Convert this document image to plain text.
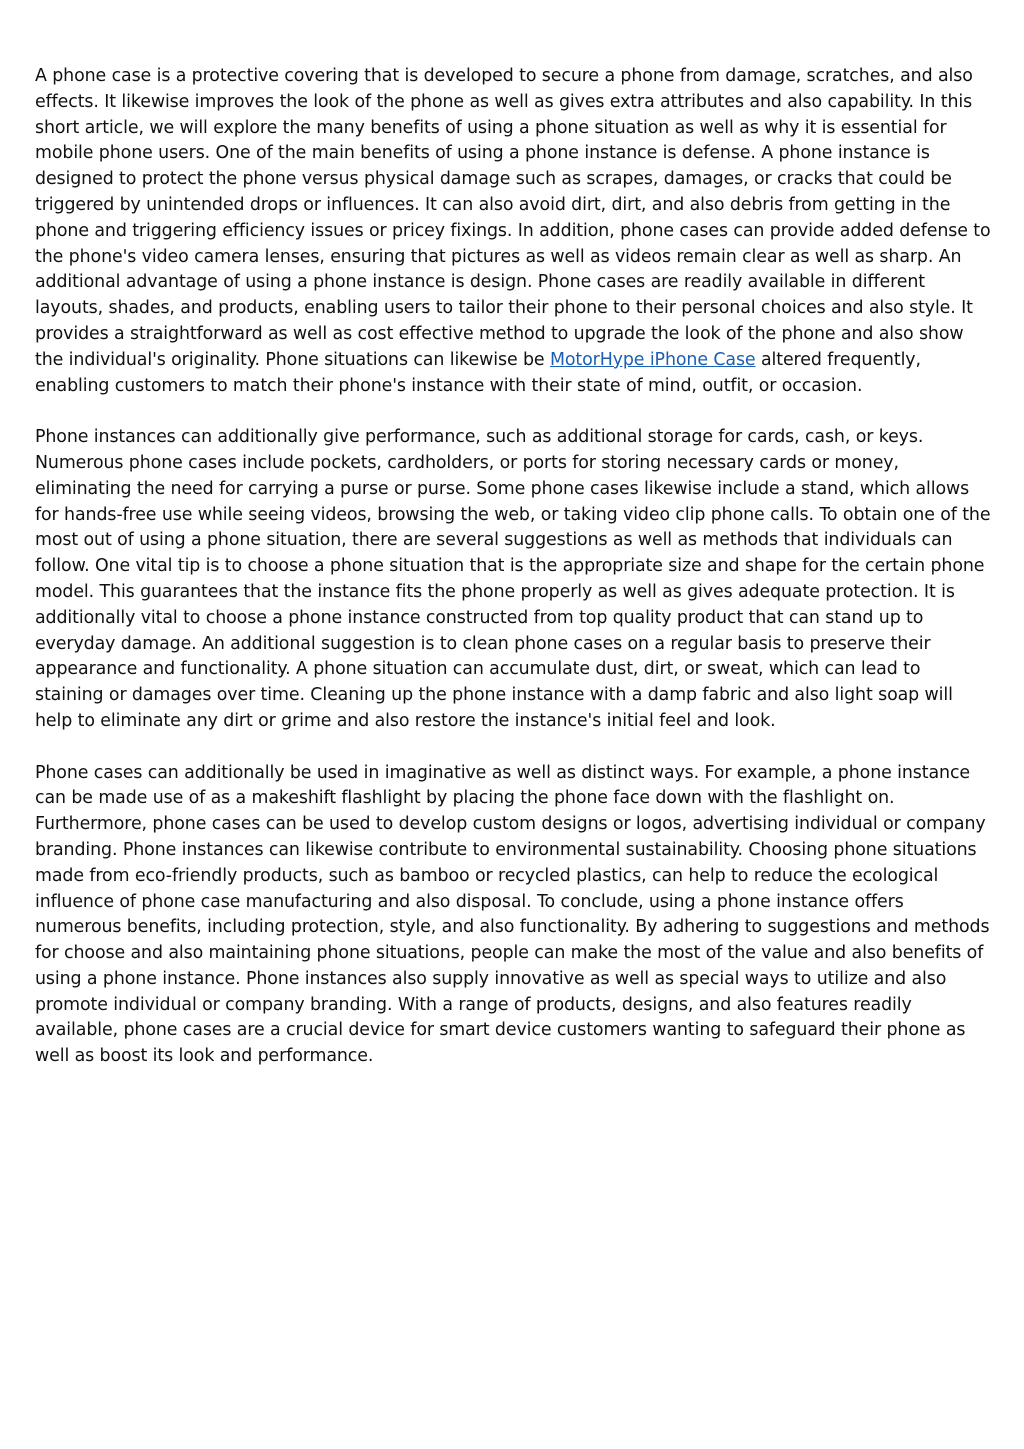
A phone case is a protective covering that is developed to secure a phone from damage, scratches, and also effects. It likewise improves the look of the phone as well as gives extra attributes and also capability. In this short article, we will explore the many benefits of using a phone situation as well as why it is essential for mobile phone users. One of the main benefits of using a phone instance is defense. A phone instance is designed to protect the phone versus physical damage such as scrapes, damages, or cracks that could be triggered by unintended drops or influences. It can also avoid dirt, dirt, and also debris from getting in the phone and triggering efficiency issues or pricey fixings. In addition, phone cases can provide added defense to the phone's video camera lenses, ensuring that pictures as well as videos remain clear as well as sharp. An additional advantage of using a phone instance is design. Phone cases are readily available in different layouts, shades, and products, enabling users to tailor their phone to their personal choices and also style. It provides a straightforward as well as cost effective method to upgrade the look of the phone and also show the individual's originality. Phone situations can likewise be MotorHype iPhone Case altered frequently, enabling customers to match their phone's instance with their state of mind, outfit, or occasion.

Phone instances can additionally give performance, such as additional storage for cards, cash, or keys. Numerous phone cases include pockets, cardholders, or ports for storing necessary cards or money, eliminating the need for carrying a purse or purse. Some phone cases likewise include a stand, which allows for hands-free use while seeing videos, browsing the web, or taking video clip phone calls. To obtain one of the most out of using a phone situation, there are several suggestions as well as methods that individuals can follow. One vital tip is to choose a phone situation that is the appropriate size and shape for the certain phone model. This guarantees that the instance fits the phone properly as well as gives adequate protection. It is additionally vital to choose a phone instance constructed from top quality product that can stand up to everyday damage. An additional suggestion is to clean phone cases on a regular basis to preserve their appearance and functionality. A phone situation can accumulate dust, dirt, or sweat, which can lead to staining or damages over time. Cleaning up the phone instance with a damp fabric and also light soap will help to eliminate any dirt or grime and also restore the instance's initial feel and look.

Phone cases can additionally be used in imaginative as well as distinct ways. For example, a phone instance can be made use of as a makeshift flashlight by placing the phone face down with the flashlight on. Furthermore, phone cases can be used to develop custom designs or logos, advertising individual or company branding. Phone instances can likewise contribute to environmental sustainability. Choosing phone situations made from eco-friendly products, such as bamboo or recycled plastics, can help to reduce the ecological influence of phone case manufacturing and also disposal. To conclude, using a phone instance offers numerous benefits, including protection, style, and also functionality. By adhering to suggestions and methods for choose and also maintaining phone situations, people can make the most of the value and also benefits of using a phone instance. Phone instances also supply innovative as well as special ways to utilize and also promote individual or company branding. With a range of products, designs, and also features readily available, phone cases are a crucial device for smart device customers wanting to safeguard their phone as well as boost its look and performance.
